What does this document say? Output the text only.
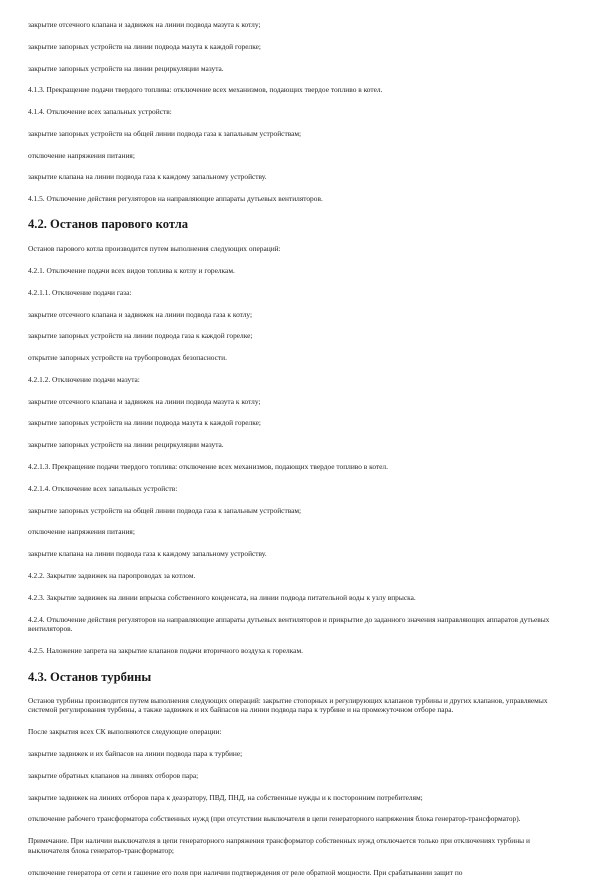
закрытие отсечного клапана и задвижек на линии подвода мазута к котлу;

закрытие запорных устройств на линии подвода мазута к каждой горелке;

закрытие запорных устройств на линии рециркуляции мазута.

4.1.3. Прекращение подачи твердого топлива: отключение всех механизмов, подающих твердое топливо в котел.

4.1.4. Отключение всех запальных устройств:

закрытие запорных устройств на общей линии подвода газа к запальным устройствам;

отключение напряжения питания;

закрытие клапана на линии подвода газа к каждому запальному устройству.

4.1.5. Отключение действия регуляторов на направляющие аппараты дутьевых вентиляторов.

4.2. Останов парового котла

Останов парового котла производится путем выполнения следующих операций:

4.2.1. Отключение подачи всех видов топлива к котлу и горелкам.

4.2.1.1. Отключение подачи газа:

закрытие отсечного клапана и задвижек на линии подвода газа к котлу;

закрытие запорных устройств на линии подвода газа к каждой горелке;

открытие запорных устройств на трубопроводах безопасности.

4.2.1.2. Отключение подачи мазута:

закрытие отсечного клапана и задвижек на линии подвода мазута к котлу;

закрытие запорных устройств на линии подвода мазута к каждой горелке;

закрытие запорных устройств на линии рециркуляции мазута.

4.2.1.3. Прекращение подачи твердого топлива: отключение всех механизмов, подающих твердое топливо в котел.

4.2.1.4. Отключение всех запальных устройств:

закрытие запорных устройств на общей линии подвода газа к запальным устройствам;

отключение напряжения питания;

закрытие клапана на линии подвода газа к каждому запальному устройству.

4.2.2. Закрытие задвижек на паропроводах за котлом.

4.2.3. Закрытие задвижек на линии впрыска собственного конденсата, на линии подвода питательной воды к узлу впрыска.

4.2.4. Отключение действия регуляторов на направляющие аппараты дутьевых вентиляторов и прикрытие до заданного значения направляющих аппаратов дутьевых вентиляторов.

4.2.5. Наложение запрета на закрытие клапанов подачи вторичного воздуха к горелкам.

4.3. Останов турбины

Останов турбины производится путем выполнения следующих операций: закрытие стопорных и регулирующих клапанов турбины и других клапанов, управляемых системой регулирования турбины, а также задвижек и их байпасов на линии подвода пара к турбине и на промежуточном отборе пара.

После закрытия всех СК выполняются следующие операции:

закрытие задвижек и их байпасов на линии подвода пара к турбине;

закрытие обратных клапанов на линиях отборов пара;

закрытие задвижек на линиях отборов пара к деаэратору, ПВД, ПНД, на собственные нужды и к посторонним потребителям;

отключение рабочего трансформатора собственных нужд (при отсутствии выключателя в цепи генераторного напряжения блока генератор-трансформатор).

Примечание. При наличии выключателя в цепи генераторного напряжения трансформатор собственных нужд отключается только при отключениях турбины и выключателя блока генератор-трансформатор;

отключение генератора от сети и гашение его поля при наличии подтверждения от реле обратной мощности. При срабатывании защит по
